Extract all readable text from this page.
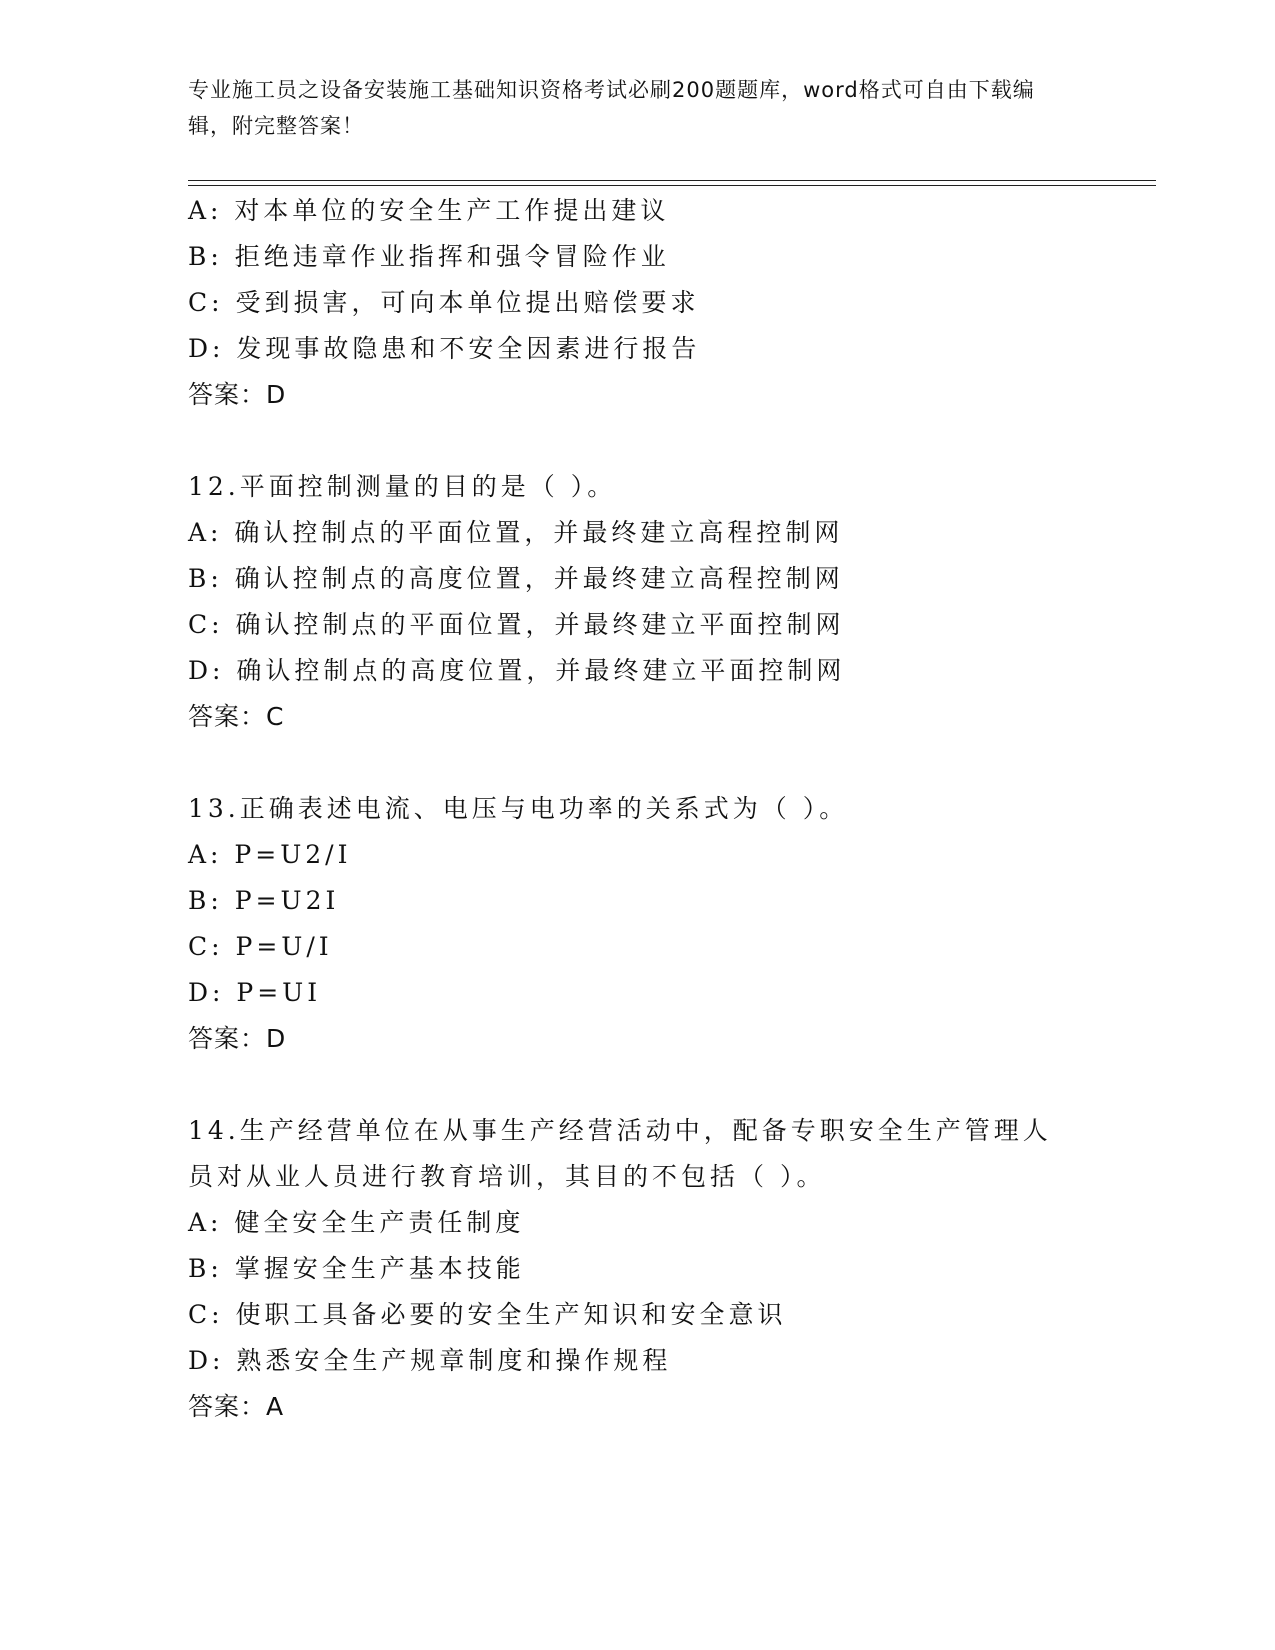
专业施工员之设备安装施工基础知识资格考试必刷200题题库，word格式可自由下载编辑，附完整答案！
A: 对本单位的安全生产工作提出建议
B: 拒绝违章作业指挥和强令冒险作业
C: 受到损害，可向本单位提出赔偿要求
D: 发现事故隐患和不安全因素进行报告
答案：D
12.平面控制测量的目的是（ ）。
A: 确认控制点的平面位置，并最终建立高程控制网
B: 确认控制点的高度位置，并最终建立高程控制网
C: 确认控制点的平面位置，并最终建立平面控制网
D: 确认控制点的高度位置，并最终建立平面控制网
答案：C
13.正确表述电流、电压与电功率的关系式为（ ）。
A: P=U2/I
B: P=U2I
C: P=U/I
D: P=UI
答案：D
14.生产经营单位在从事生产经营活动中，配备专职安全生产管理人员对从业人员进行教育培训，其目的不包括（ ）。
A: 健全安全生产责任制度
B: 掌握安全生产基本技能
C: 使职工具备必要的安全生产知识和安全意识
D: 熟悉安全生产规章制度和操作规程
答案：A
